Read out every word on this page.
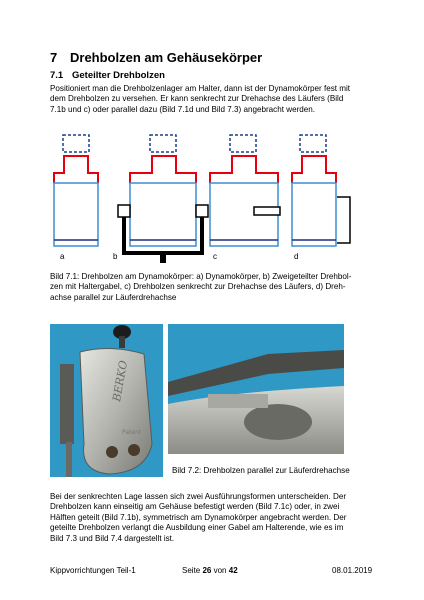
7 Drehbolzen am Gehäusekörper
7.1 Geteilter Drehbolzen
Positioniert man die Drehbolzenlager am Halter, dann ist der Dynamokörper fest mit
dem Drehbolzen zu versehen. Er kann senkrecht zur Drehachse des Läufers (Bild
7.1b und c) oder parallel dazu (Bild 7.1d und Bild 7.3) angebracht werden.
a	b	c	d
Bild 7.1: Drehbolzen am Dynamokörper: a) Dynamokörper, b) Zweigeteilter Drehbol-
zen mit Haltergabel, c) Drehbolzen senkrecht zur Drehachse des Läufers, d) Dreh-
achse parallel zur Läuferdrehachse
BERKO
Patent
Bild 7.2: Drehbolzen parallel zur Läuferdrehachse
Bei der senkrechten Lage lassen sich zwei Ausführungsformen unterscheiden. Der
Drehbolzen kann einseitig am Gehäuse befestigt werden (Bild 7.1c) oder, in zwei
Hälften geteilt (Bild 7.1b), symmetrisch am Dynamokörper angebracht werden. Der
geteilte Drehbolzen verlangt die Ausbildung einer Gabel am Halterende, wie es im
Bild 7.3 und Bild 7.4 dargestellt ist.
Kippvorrichtungen Teil-1	Seite 26 von 42	08.01.2019
